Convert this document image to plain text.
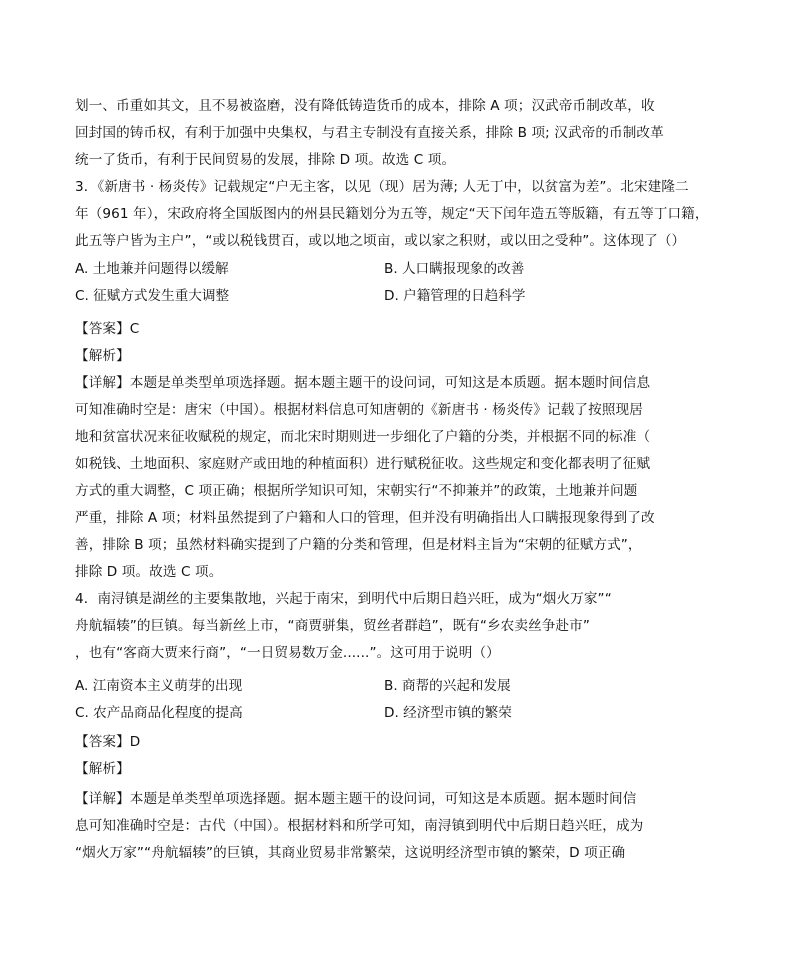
划一、币重如其文，且不易被盗磨，没有降低铸造货币的成本，排除 A 项；汉武帝币制改革，收
回封国的铸币权，有利于加强中央集权，与君主专制没有直接关系，排除 B 项; 汉武帝的币制改革
统一了货币，有利于民间贸易的发展，排除 D 项。故选 C 项。
3．《新唐书 · 杨炎传》记载规定“户无主客，以见（现）居为薄; 人无丁中，以贫富为差”。北宋建隆二
年（961 年），宋政府将全国版图内的州县民籍划分为五等，规定“天下闰年造五等版籍，有五等丁口籍，
此五等户皆为主户”，“或以税钱贯百，或以地之顷亩，或以家之积财，或以田之受种”。这体现了（）
A. 土地兼并问题得以缓解	B. 人口瞒报现象的改善
C. 征赋方式发生重大调整	D. 户籍管理的日趋科学
【答案】C
【解析】
【详解】本题是单类型单项选择题。据本题主题干的设问词，可知这是本质题。据本题时间信息
可知准确时空是：唐宋（中国）。根据材料信息可知唐朝的《新唐书 · 杨炎传》记载了按照现居
地和贫富状况来征收赋税的规定，而北宋时期则进一步细化了户籍的分类，并根据不同的标准（
如税钱、土地面积、家庭财产或田地的种植面积）进行赋税征收。这些规定和变化都表明了征赋
方式的重大调整，C 项正确；根据所学知识可知，宋朝实行“不抑兼并”的政策，土地兼并问题
严重，排除 A 项；材料虽然提到了户籍和人口的管理，但并没有明确指出人口瞒报现象得到了改
善，排除 B 项；虽然材料确实提到了户籍的分类和管理，但是材料主旨为“宋朝的征赋方式”，
排除 D 项。故选 C 项。
4．南浔镇是湖丝的主要集散地，兴起于南宋，到明代中后期日趋兴旺，成为“烟火万家”“
舟航辐辏”的巨镇。每当新丝上市，“商贾骈集，贸丝者群趋”，既有“乡农卖丝争赴市”
，也有“客商大贾来行商”，“一日贸易数万金......”。这可用于说明（）
A. 江南资本主义萌芽的出现	B. 商帮的兴起和发展
C. 农产品商品化程度的提高	D. 经济型市镇的繁荣
【答案】D
【解析】
【详解】本题是单类型单项选择题。据本题主题干的设问词，可知这是本质题。据本题时间信
息可知准确时空是：古代（中国）。根据材料和所学可知，南浔镇到明代中后期日趋兴旺，成为
“烟火万家”“舟航辐辏”的巨镇，其商业贸易非常繁荣，这说明经济型市镇的繁荣，D 项正确
